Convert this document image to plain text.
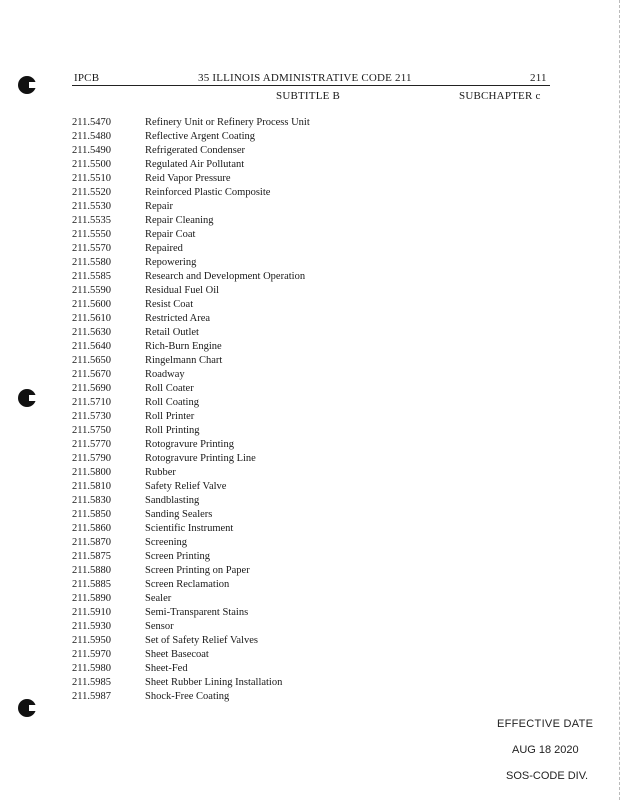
IPCB	35 ILLINOIS ADMINISTRATIVE CODE 211	211
SUBTITLE B	SUBCHAPTER c
211.5470	Refinery Unit or Refinery Process Unit
211.5480	Reflective Argent Coating
211.5490	Refrigerated Condenser
211.5500	Regulated Air Pollutant
211.5510	Reid Vapor Pressure
211.5520	Reinforced Plastic Composite
211.5530	Repair
211.5535	Repair Cleaning
211.5550	Repair Coat
211.5570	Repaired
211.5580	Repowering
211.5585	Research and Development Operation
211.5590	Residual Fuel Oil
211.5600	Resist Coat
211.5610	Restricted Area
211.5630	Retail Outlet
211.5640	Rich-Burn Engine
211.5650	Ringelmann Chart
211.5670	Roadway
211.5690	Roll Coater
211.5710	Roll Coating
211.5730	Roll Printer
211.5750	Roll Printing
211.5770	Rotogravure Printing
211.5790	Rotogravure Printing Line
211.5800	Rubber
211.5810	Safety Relief Valve
211.5830	Sandblasting
211.5850	Sanding Sealers
211.5860	Scientific Instrument
211.5870	Screening
211.5875	Screen Printing
211.5880	Screen Printing on Paper
211.5885	Screen Reclamation
211.5890	Sealer
211.5910	Semi-Transparent Stains
211.5930	Sensor
211.5950	Set of Safety Relief Valves
211.5970	Sheet Basecoat
211.5980	Sheet-Fed
211.5985	Sheet Rubber Lining Installation
211.5987	Shock-Free Coating
EFFECTIVE DATE
AUG 18 2020
SOS-CODE DIV.
